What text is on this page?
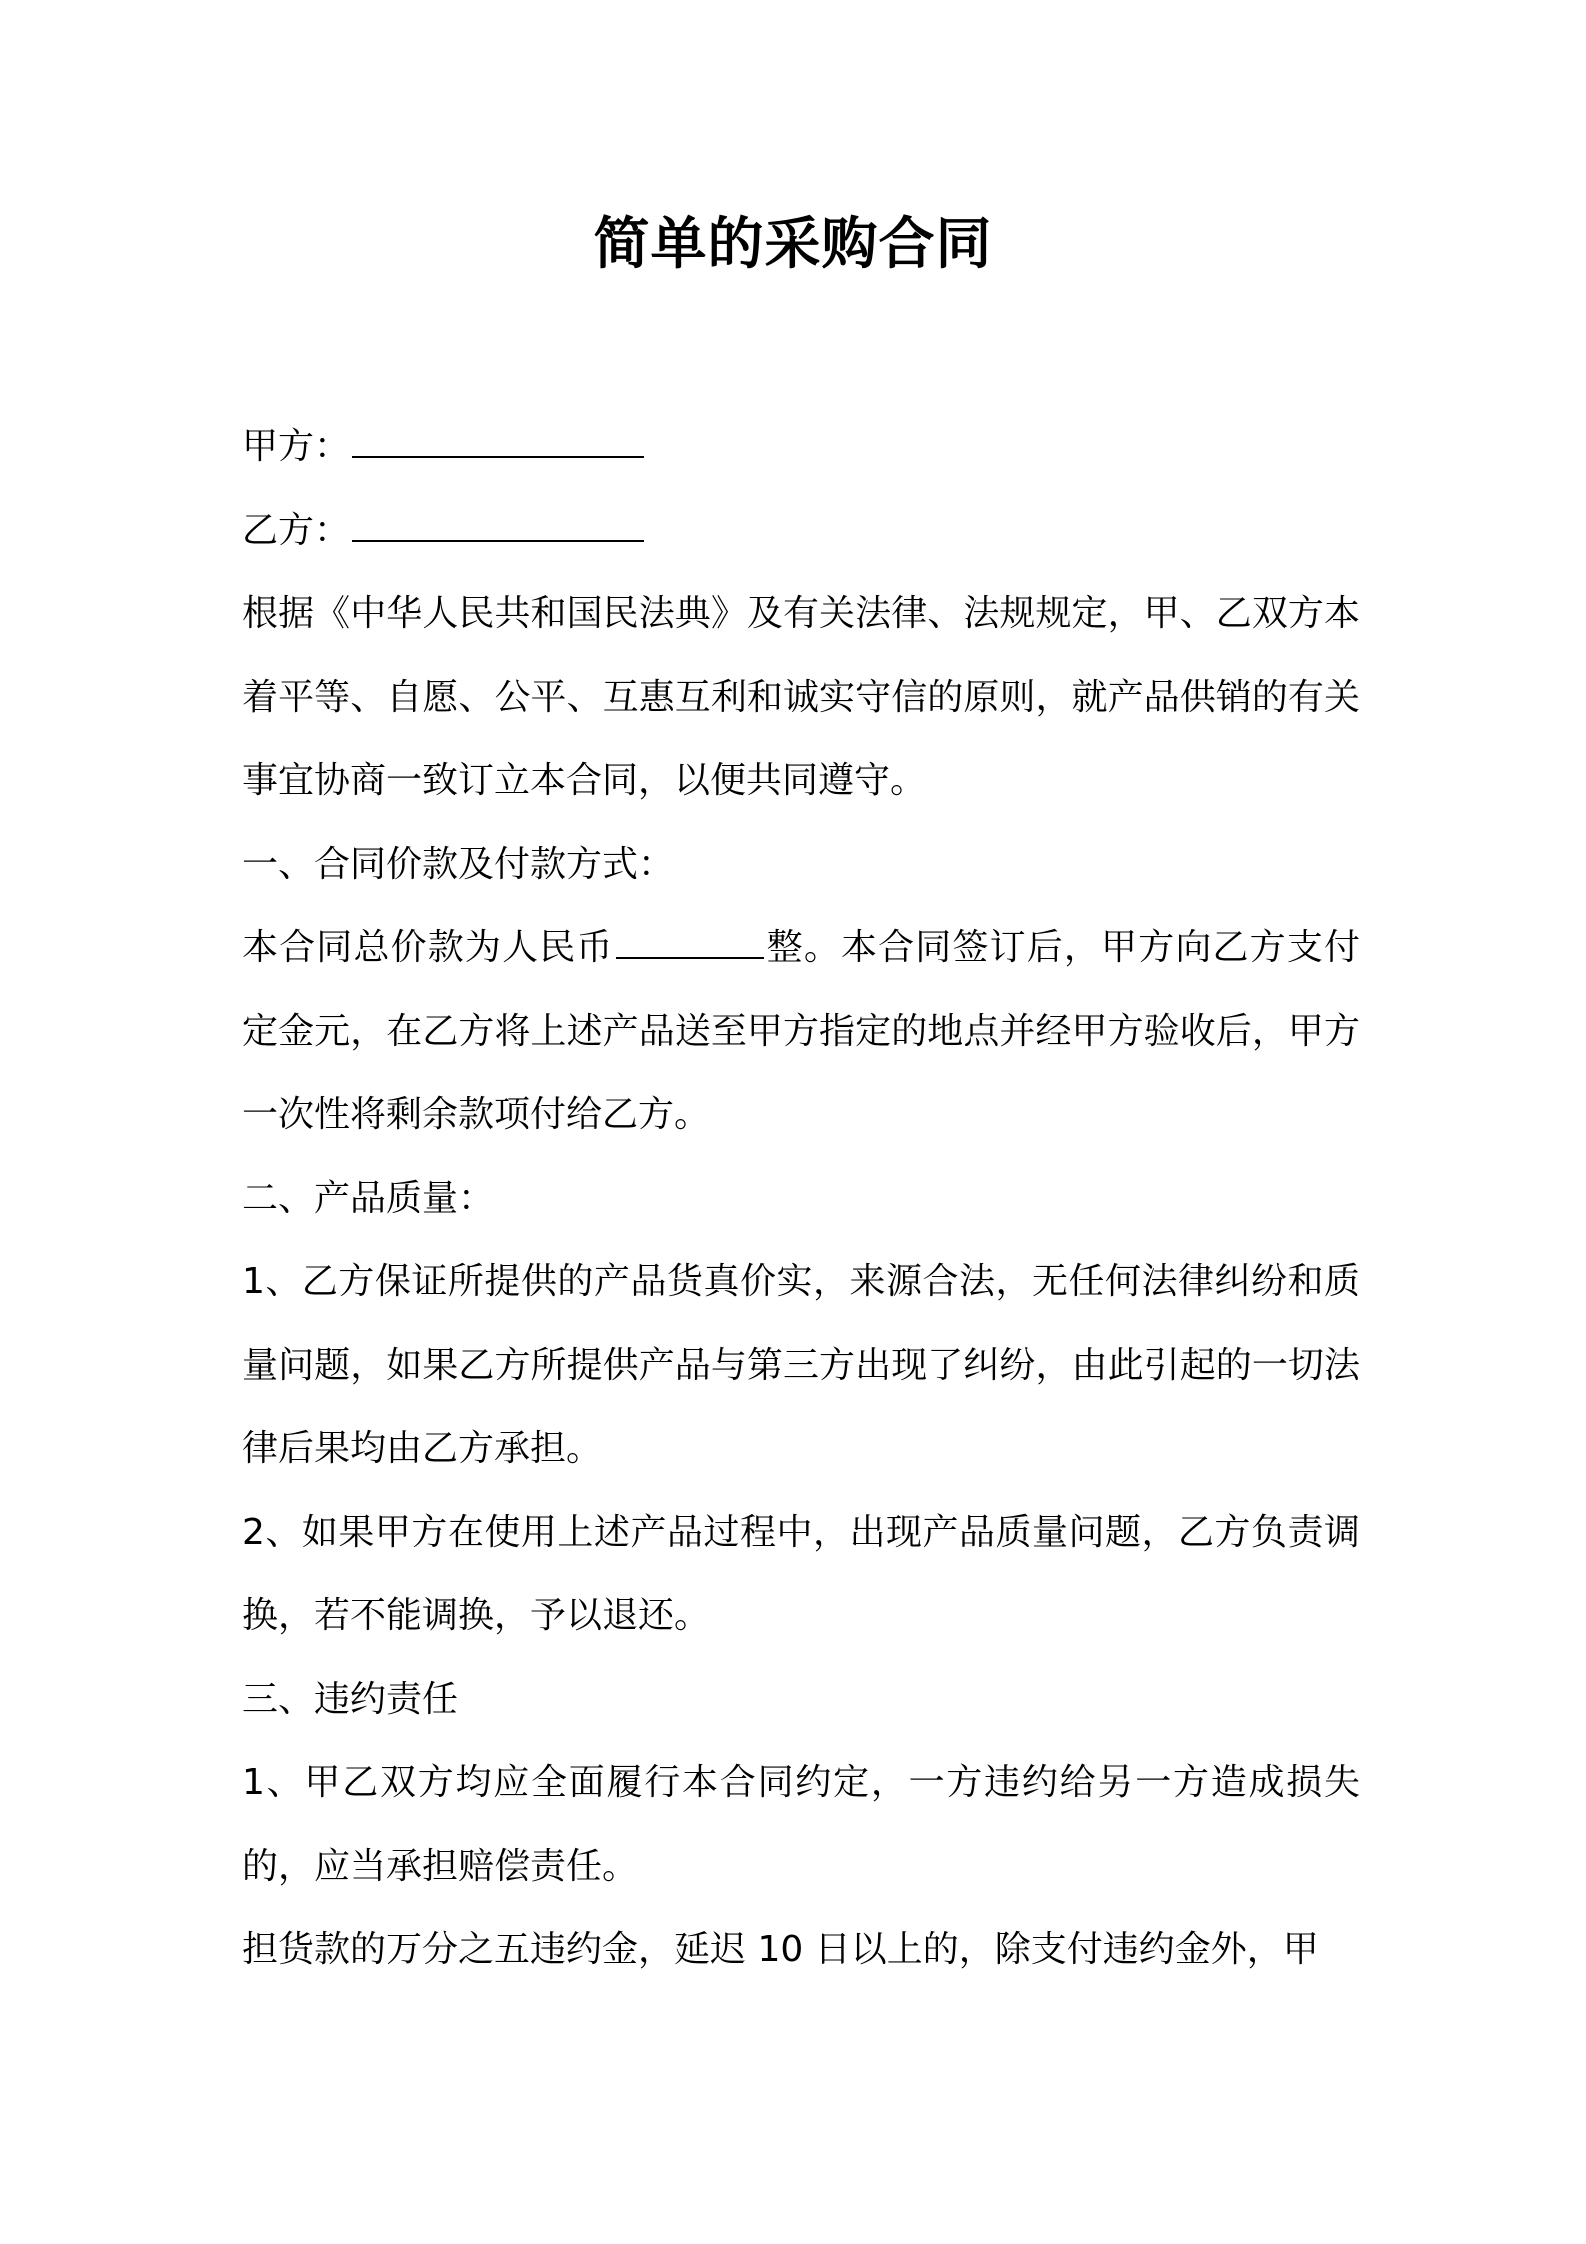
简单的采购合同

甲方：

乙方：

根据《中华人民共和国民法典》及有关法律、法规规定，甲、乙双方本着平等、自愿、公平、互惠互利和诚实守信的原则，就产品供销的有关事宜协商一致订立本合同，以便共同遵守。

一、合同价款及付款方式：

本合同总价款为人民币	整。本合同签订后，甲方向乙方支付定金元，在乙方将上述产品送至甲方指定的地点并经甲方验收后，甲方一次性将剩余款项付给乙方。

二、产品质量：

1、乙方保证所提供的产品货真价实，来源合法，无任何法律纠纷和质量问题，如果乙方所提供产品与第三方出现了纠纷，由此引起的一切法律后果均由乙方承担。

2、如果甲方在使用上述产品过程中，出现产品质量问题，乙方负责调换，若不能调换，予以退还。

三、违约责任

1、甲乙双方均应全面履行本合同约定，一方违约给另一方造成损失的，应当承担赔偿责任。

担货款的万分之五违约金，延迟 10 日以上的，除支付违约金外，甲
